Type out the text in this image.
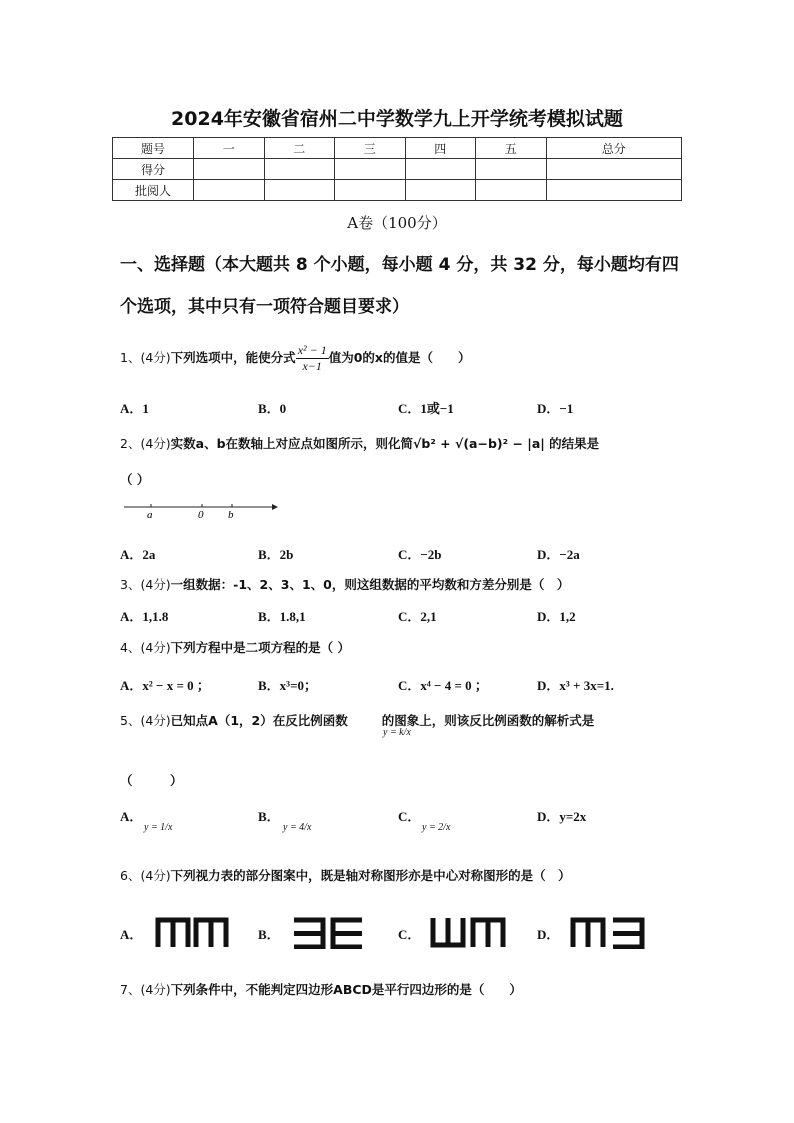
2024年安徽省宿州二中学数学九上开学统考模拟试题
题号	一	二	三	四	五	总分
得分						
批阅人						
A卷（100分）
一、选择题（本大题共 8 个小题，每小题 4 分，共 32 分，每小题均有四个选项，其中只有一项符合题目要求）
1、(4分)下列选项中，能使分式 $\frac{\text{x² − 1}}{x-1}$ 值为0的x的值是（　　）
A．1	B．0	C．1或−1	D．−1
2、(4分)实数a、b在数轴上对应点如图所示，则化简√b² + √(a−b)² − |a| 的结果是
（ ）
a	0 b
A．2a	B．2b	C．−2b	D．−2a
3、(4分)一组数据：-1、2、3、1、0，则这组数据的平均数和方差分别是（　）
A．1,1.8	B．1.8,1	C．2,1	D．1,2
4、(4分)下列方程中是二项方程的是（ ）
A．x² − x = 0 ；	B．x³=0；	C．x⁴ − 4 = 0 ；	D．x³ + 3x=1.
5、(4分)已知点A（1，2）在反比例函数	的图象上，则该反比例函数的解析式是
y = k/x
（　　　）
A．
y = 1/x
B．
y = 4/x
C．
y = 2/x
D．y=2x
6、(4分)下列视力表的部分图案中，既是轴对称图形亦是中心对称图形的是（　）
A．	B．	C．	D．
7、(4分)下列条件中，不能判定四边形ABCD是平行四边形的是（　　）
